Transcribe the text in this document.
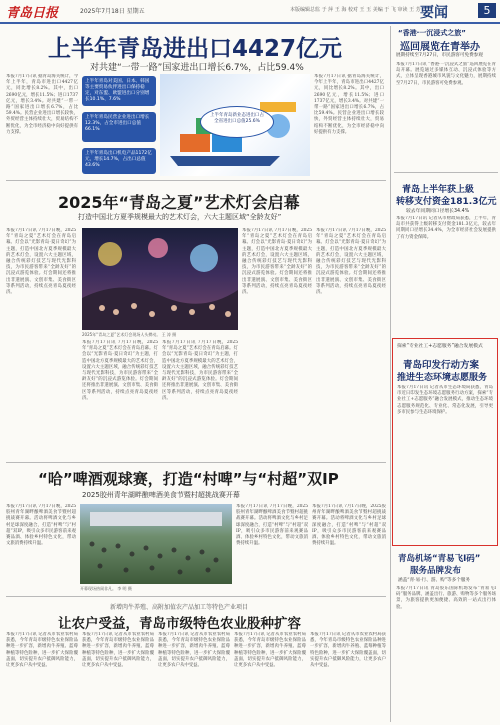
青岛日报	2025年7月18日 星期五	本版编辑总监 于 萍 王 海 校对 王 玉 美编 于 飞 审读 王 芳 要闻	5
上半年青岛进出口4427亿元
对共建“一带一路”国家进出口增长6.7%，占比59.4%
本报7月17日讯 据青岛海关统计，今年上半年，青岛市进出口4427亿元，同比增长8.2%。其中，出口2690亿元，增长11.5%；进口1737亿元，增长3.4%。对共建“一带一路”国家进出口增长6.7%，占比59.4%。民营企业进出口增长较快，外贸经营主体持续壮大，贸易结构不断优化，为全市经济稳中向好提供有力支撑。
上半年青岛对美国、日本、韩国等主要贸易伙伴进出口保持稳定，对东盟、欧盟进出口分别增长10.1%、7.6%
上半年青岛民营企业进出口增长12.3%，占全市进出口总值66.1%
上半年青岛出口机电产品1172亿元，增长14.7%，占出口总值43.6%
上半年青岛新业态进出口占全省进出口总值25.6%
本报7月17日讯 据青岛海关统计，今年上半年，青岛市进出口4427亿元，同比增长8.2%。其中，出口2690亿元，增长11.5%；进口1737亿元，增长3.4%。对共建“一带一路”国家进出口增长6.7%，占比59.4%。民营企业进出口增长较快，外贸经营主体持续壮大，贸易结构不断优化，为全市经济稳中向好提供有力支撑。
2025年“青岛之夏”艺术灯会启幕
打造中国北方夏季规模最大的艺术灯会，六大主题区域“全龄友好”
本报7月17日讯 7月17日晚，2025年“青岛之夏”艺术灯会在青岛启幕。灯会以“光影青岛·夏日奇幻”为主题，打造中国北方夏季规模最大的艺术灯会，设置六大主题区域，融合传统彩灯技艺与现代光影科技，为市民游客带来“全龄友好”的沉浸式游览体验。灯会期间还将推出非遗展演、文创市集、美食街区等系列活动，持续点亮青岛夏夜经济。
2025年“青岛之夏”艺术灯会现场人头攒动。 王 涛 摄
本报7月17日讯 7月17日晚，2025年“青岛之夏”艺术灯会在青岛启幕。灯会以“光影青岛·夏日奇幻”为主题，打造中国北方夏季规模最大的艺术灯会，设置六大主题区域，融合传统彩灯技艺与现代光影科技，为市民游客带来“全龄友好”的沉浸式游览体验。灯会期间还将推出非遗展演、文创市集、美食街区等系列活动，持续点亮青岛夏夜经济。
本报7月17日讯 7月17日晚，2025年“青岛之夏”艺术灯会在青岛启幕。灯会以“光影青岛·夏日奇幻”为主题，打造中国北方夏季规模最大的艺术灯会，设置六大主题区域，融合传统彩灯技艺与现代光影科技，为市民游客带来“全龄友好”的沉浸式游览体验。灯会期间还将推出非遗展演、文创市集、美食街区等系列活动，持续点亮青岛夏夜经济。
本报7月17日讯 7月17日晚，2025年“青岛之夏”艺术灯会在青岛启幕。灯会以“光影青岛·夏日奇幻”为主题，打造中国北方夏季规模最大的艺术灯会，设置六大主题区域，融合传统彩灯技艺与现代光影科技，为市民游客带来“全龄友好”的沉浸式游览体验。灯会期间还将推出非遗展演、文创市集、美食街区等系列活动，持续点亮青岛夏夜经济。
本报7月17日讯 7月17日晚，2025年“青岛之夏”艺术灯会在青岛启幕。灯会以“光影青岛·夏日奇幻”为主题，打造中国北方夏季规模最大的艺术灯会，设置六大主题区域，融合传统彩灯技艺与现代光影科技，为市民游客带来“全龄友好”的沉浸式游览体验。灯会期间还将推出非遗展演、文创市集、美食街区等系列活动，持续点亮青岛夏夜经济。
“哈”啤酒观球赛，打造“村啤”与“村超”双IP
2025胶州青年湖畔酿啤酒美食节暨村超挑战赛开幕
本报7月17日讯 7月17日晚，2025胶州青年湖畔酿啤酒美食节暨村超挑战赛开幕。活动将啤酒文化与乡村足球深度融合，打造“村啤”与“村超”双IP，吸引众多市民游客前来观赛品酒、体验乡村特色文化，带动文旅消费持续升温。
开幕现场热闹非凡。 李 明 摄
本报7月17日讯 7月17日晚，2025胶州青年湖畔酿啤酒美食节暨村超挑战赛开幕。活动将啤酒文化与乡村足球深度融合，打造“村啤”与“村超”双IP，吸引众多市民游客前来观赛品酒、体验乡村特色文化，带动文旅消费持续升温。
本报7月17日讯 7月17日晚，2025胶州青年湖畔酿啤酒美食节暨村超挑战赛开幕。活动将啤酒文化与乡村足球深度融合，打造“村啤”与“村超”双IP，吸引众多市民游客前来观赛品酒、体验乡村特色文化，带动文旅消费持续升温。
新增肉牛养殖、高附加值农产品加工等特色产业项目
让农户受益，青岛市级特色农业股种扩容
本报7月17日讯 记者从市农业农村局获悉，今年青岛市级特色农业保险品种进一步扩容，新增肉牛养殖、蓝莓种植等特色险种，进一步扩大保险覆盖面，切实提升农户抵御风险能力，让更多农户从中受益。
本报7月17日讯 记者从市农业农村局获悉，今年青岛市级特色农业保险品种进一步扩容，新增肉牛养殖、蓝莓种植等特色险种，进一步扩大保险覆盖面，切实提升农户抵御风险能力，让更多农户从中受益。
本报7月17日讯 记者从市农业农村局获悉，今年青岛市级特色农业保险品种进一步扩容，新增肉牛养殖、蓝莓种植等特色险种，进一步扩大保险覆盖面，切实提升农户抵御风险能力，让更多农户从中受益。
本报7月17日讯 记者从市农业农村局获悉，今年青岛市级特色农业保险品种进一步扩容，新增肉牛养殖、蓝莓种植等特色险种，进一步扩大保险覆盖面，切实提升农户抵御风险能力，让更多农户从中受益。
本报7月17日讯 记者从市农业农村局获悉，今年青岛市级特色农业保险品种进一步扩容，新增肉牛养殖、蓝莓种植等特色险种，进一步扩大保险覆盖面，切实提升农户抵御风险能力，让更多农户从中受益。
“香港·一沉浸式之旅”
巡回展览在青举办
展期持续至7月27日，市民游客可免费参观
本报7月17日讯 “香港·一沉浸式之旅”巡回展览在青岛开幕。展览通过多媒体互动、沉浸式体验等方式，立体呈现香港城市风貌与文化魅力，展期持续至7月27日，市民游客可免费参观。
青岛上半年获上級
转移支付资金181.3亿元
较去年同期同口径增长34.4%
本报7月17日讯 记者从市财政局获悉，上半年，青岛市共获得上级转移支付资金181.3亿元，较去年同期同口径增长34.4%，为全市经济社会发展提供了有力资金保障。
探索“专业社工+志愿服务”融合发展模式
青岛印发行动方案
推进生态环境志愿服务
本报7月17日讯 记者从市生态环境局获悉，青岛市近日印发生态环境志愿服务行动方案，探索“专业社工+志愿服务”融合发展模式，推动生态环境志愿服务规范化、专业化、常态化发展，引导更多市民参与生态环境保护。
青岛机场“青易飞I码”
服务品牌发布
涵盖“青·易·行、游、购”等多个服务
本报7月17日讯 青岛胶东国际机场发布“青易飞I码”服务品牌，涵盖出行、旅游、购物等多个服务场景，为旅客提供更加便捷、高效的一站式出行体验。
